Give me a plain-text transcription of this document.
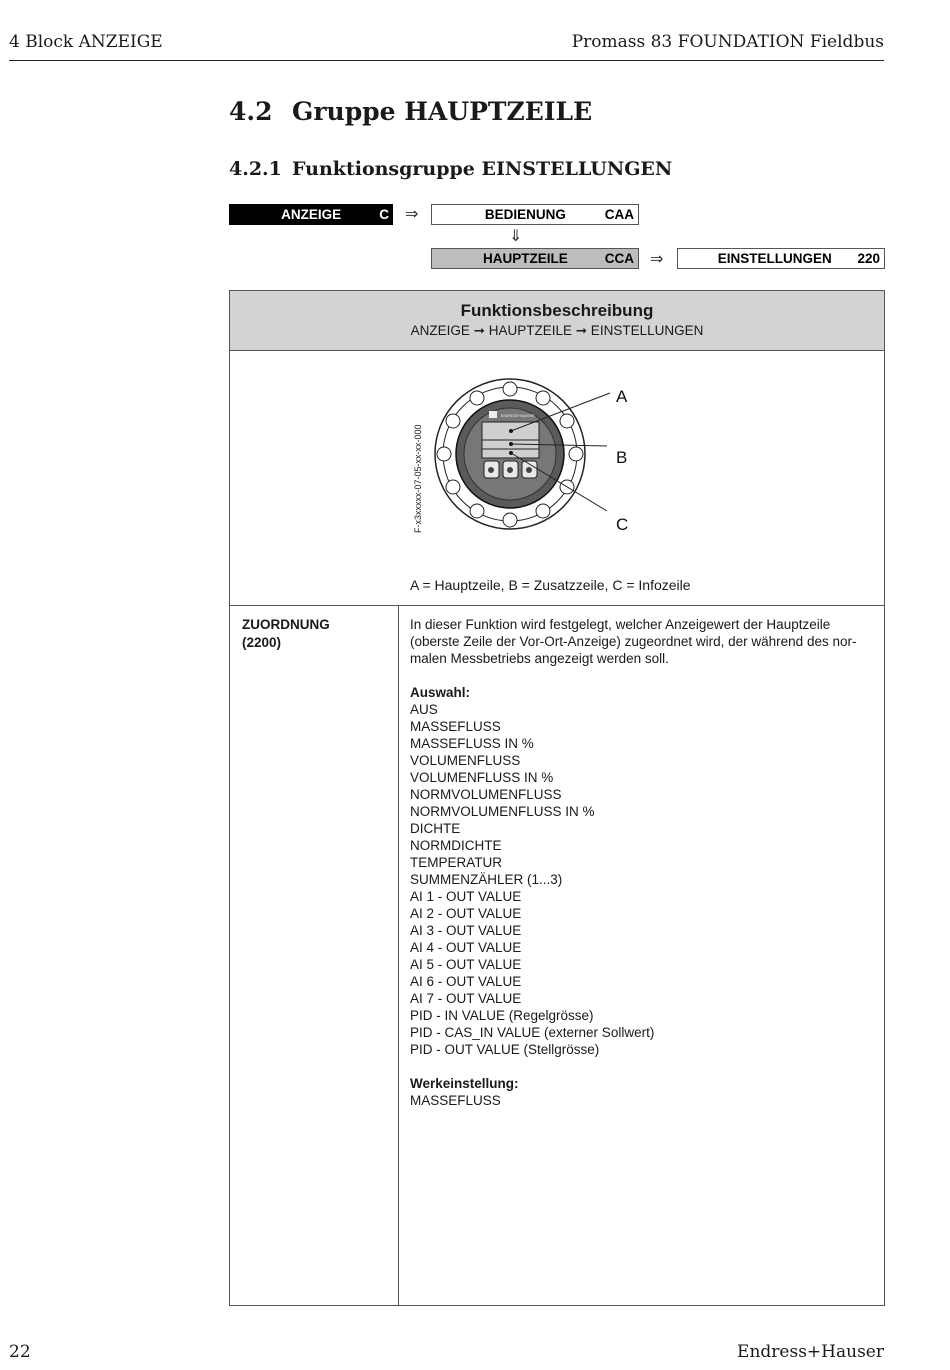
4 Block ANZEIGE	Promass 83 FOUNDATION Fieldbus
4.2 Gruppe HAUPTZEILE
4.2.1 Funktionsgruppe EINSTELLUNGEN
ANZEIGE	C ⇒	BEDIENUNG	CAA
⇓
HAUPTZEILE	CCA ⇒	EINSTELLUNGEN	220
Funktionsbeschreibung
ANZEIGE ➞ HAUPTZEILE ➞ EINSTELLUNGEN
F-x3xxxxx-07-05-xx-xx-000
ENDRESS+HAUSER
A
B
C
A = Hauptzeile, B = Zusatzzeile, C = Infozeile
ZUORDNUNG
(2200)

In dieser Funktion wird festgelegt, welcher Anzeigewert der Hauptzeile

(oberste Zeile der Vor-Ort-Anzeige) zugeordnet wird, der während des nor-

malen Messbetriebs angezeigt werden soll.

Auswahl:

AUS

MASSEFLUSS

MASSEFLUSS IN %

VOLUMENFLUSS

VOLUMENFLUSS IN %

NORMVOLUMENFLUSS

NORMVOLUMENFLUSS IN %

DICHTE

NORMDICHTE

TEMPERATUR

SUMMENZÄHLER (1...3)

AI 1 - OUT VALUE

AI 2 - OUT VALUE

AI 3 - OUT VALUE

AI 4 - OUT VALUE

AI 5 - OUT VALUE

AI 6 - OUT VALUE

AI 7 - OUT VALUE

PID - IN VALUE (Regelgrösse)

PID - CAS_IN VALUE (externer Sollwert)

PID - OUT VALUE (Stellgrösse)

Werkeinstellung:

MASSEFLUSS

22	Endress+Hauser
